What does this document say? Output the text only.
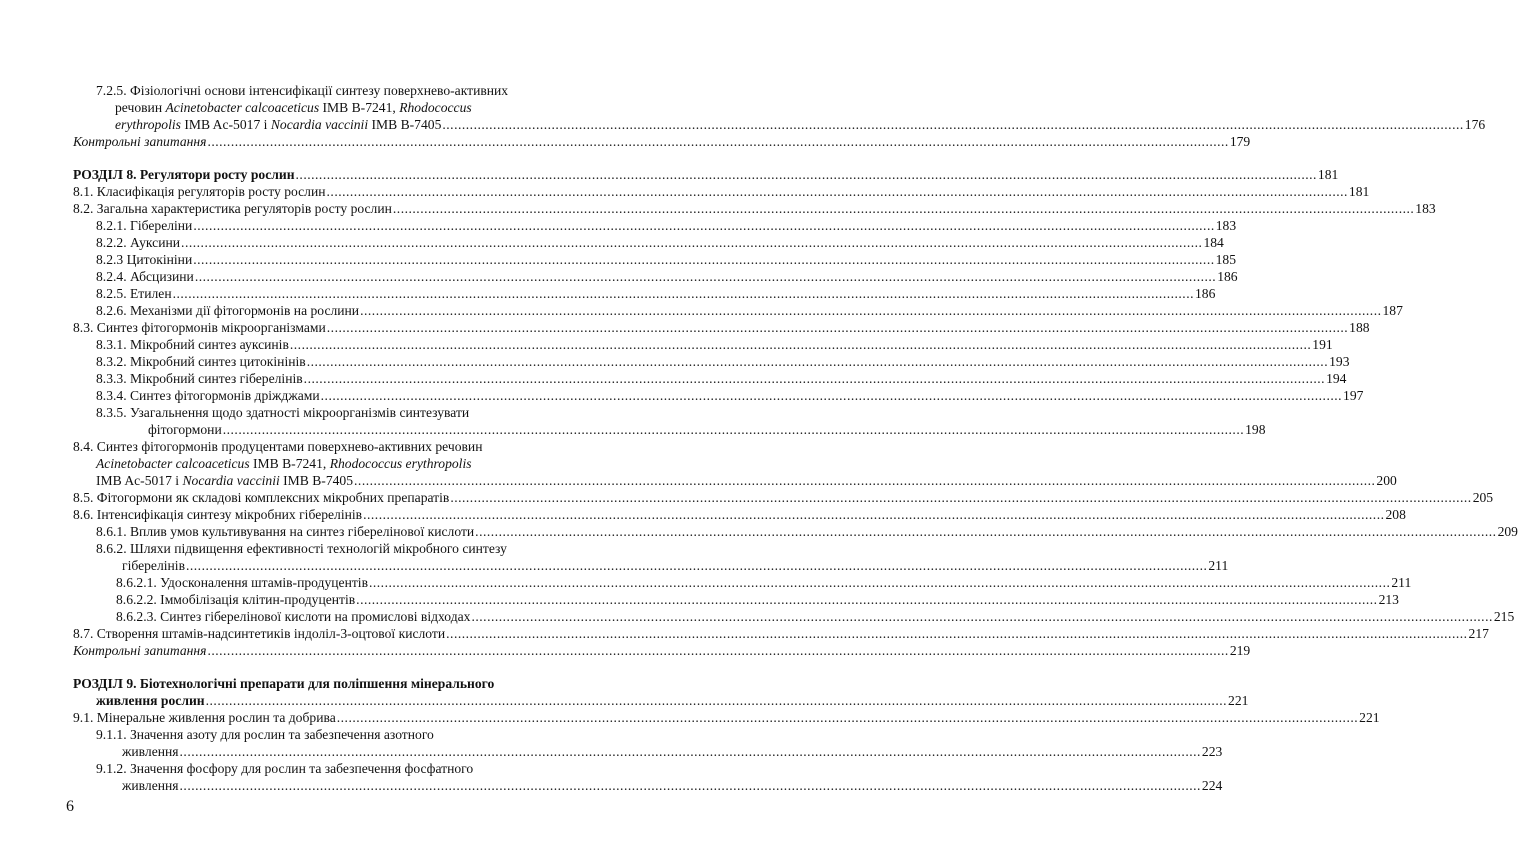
7.2.5. Фізіологічні основи інтенсифікації синтезу поверхнево-активних
речовин Acinetobacter calcoaceticus IMB B-7241, Rhodococcus
erythropolis IMB Ac-5017 і Nocardia vaccinii IMB B-7405 .....	176
Контрольні запитання .....	179
РОЗДІЛ 8. Регулятори росту рослин .....	181
8.1. Класифікація регуляторів росту рослин .....	181
8.2. Загальна характеристика регуляторів росту рослин .....	183
8.2.1. Гібереліни .....	183
8.2.2. Ауксини .....	184
8.2.3 Цитокініни .....	185
8.2.4. Абсцизини .....	186
8.2.5. Етилен .....	186
8.2.6. Механізми дії фітогормонів на рослини .....	187
8.3. Синтез фітогормонів мікроорганізмами .....	188
8.3.1. Мікробний синтез ауксинів .....	191
8.3.2. Мікробний синтез цитокінінів .....	193
8.3.3. Мікробний синтез гіберелінів .....	194
8.3.4. Синтез фітогормонів дріжджами .....	197
8.3.5. Узагальнення щодо здатності мікроорганізмів синтезувати
фітогормони .....	198
8.4. Синтез фітогормонів продуцентами поверхнево-активних речовин
Acinetobacter calcoaceticus IMB B-7241, Rhodococcus erythropolis
IMB Ac-5017 і Nocardia vaccinii IMB B-7405 .....	200
8.5. Фітогормони як складові комплексних мікробних препаратів .....	205
8.6. Інтенсифікація синтезу мікробних гіберелінів .....	208
8.6.1. Вплив умов культивування на синтез гіберелінової кислоти .....	209
8.6.2. Шляхи підвищення ефективності технологій мікробного синтезу
гіберелінів .....	211
8.6.2.1. Удосконалення штамів-продуцентів .....	211
8.6.2.2. Іммобілізація клітин-продуцентів .....	213
8.6.2.3. Синтез гіберелінової кислоти на промислові відходах .....	215
8.7. Створення штамів-надсинтетиків індоліл-3-оцтової кислоти .....	217
Контрольні запитання .....	219
РОЗДІЛ 9. Біотехнологічні препарати для поліпшення мінерального
живлення рослин .....	221
9.1. Мінеральне живлення рослин та добрива .....	221
9.1.1. Значення азоту для рослин та забезпечення азотного
живлення .....	223
9.1.2. Значення фосфору для рослин та забезпечення фосфатного
живлення .....	224
6
